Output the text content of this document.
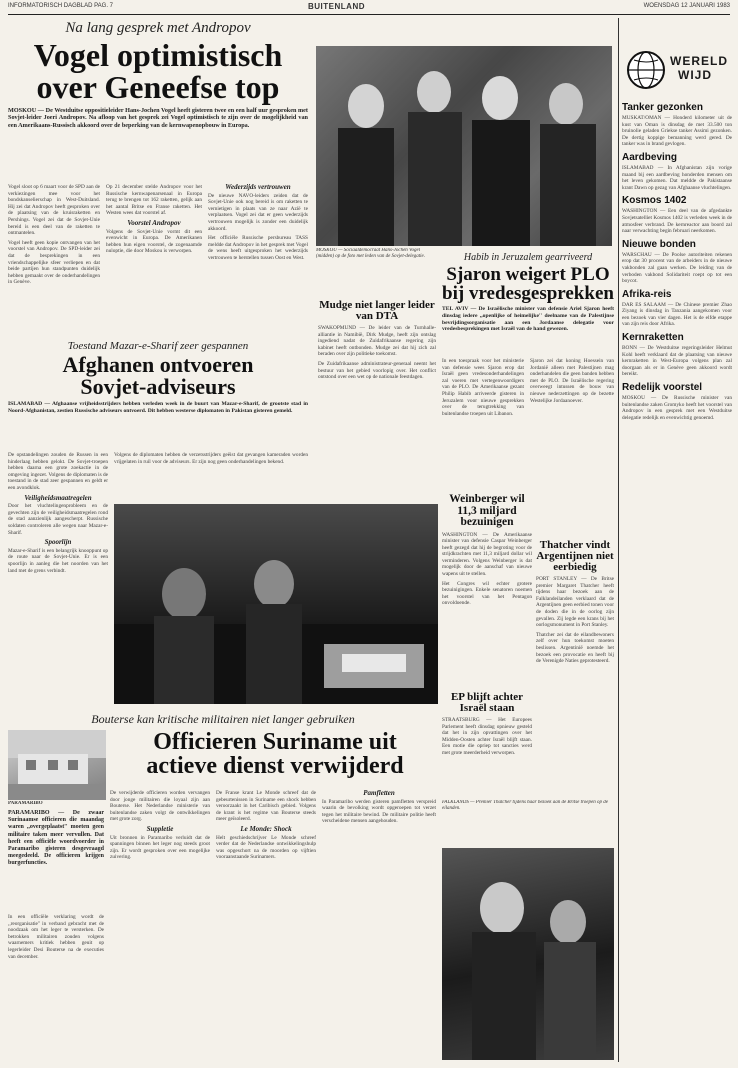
INFORMATORISCH DAGBLAD PAG. 7	BUITENLAND	WOENSDAG 12 JANUARI 1983
Na lang gesprek met Andropov
Vogel optimistisch
over Geneefse top
MOSKOU — De Westduitse oppositieleider Hans-Jochen Vogel heeft gisteren twee en een half uur gesproken met Sovjet-leider Joeri Andropov. Na afloop van het gesprek zei Vogel optimistisch te zijn over de mogelijkheid van een Amerikaans-Russisch akkoord over de beperking van de kernwapenopbouw in Europa.

Vogel sloot op 6 maart voor de SPD aan de verkiezingen mee voor het bondskanselierschap in West-Duitsland. Hij zei dat Andropov heeft gesproken over de plaatsing van de kruisraketten en Pershings. Vogel zei dat de Sovjet-Unie bereid is een deel van de raketten te ontmantelen.

Vogel heeft geen kopie ontvangen van het voorstel van Andropov. De SPD-leider zei dat de besprekingen in een vriendschappelijke sfeer verliepen en dat beide partijen hun standpunten duidelijk hebben gemaakt over de onderhandelingen in Genève.

Op 21 december stelde Andropov voor het Russische kernwapenarsenaal in Europa terug te brengen tot 162 raketten, gelijk aan het aantal Britse en Franse raketten. Het Westen wees dat voorstel af.

Voorstel Andropov

Volgens de Sovjet-Unie vormt dit een evenwicht in Europa. De Amerikanen hebben hun eigen voorstel, de zogenaamde nuloptie, die door Moskou is verworpen.

Wederzijds vertrouwen

De nieuwe NAVO-leiders zeiden dat de Sovjet-Unie ook nog bereid is om raketten te vernietigen in plaats van ze naar Azië te verplaatsen. Vogel zei dat er geen wederzijds vertrouwen mogelijk is zonder een duidelijk akkoord.

Het officiële Russische persbureau TASS meldde dat Andropov in het gesprek met Vogel de wens heeft uitgesproken het wederzijds vertrouwen te herstellen tussen Oost en West.

MOSKOU — Sociaaldemocraat Hans-Jochen Vogel (midden) op de foto met leden van de Sovjet-delegatie.
Mudge niet langer leider van DTA

SWAKOPMUND — De leider van de Turnhalle-alliantie in Namibië, Dirk Mudge, heeft zijn ontslag ingediend nadat de Zuidafrikaanse regering zijn kabinet heeft ontbonden. Mudge zei dat hij zich zal beraden over zijn politieke toekomst.

De Zuidafrikaanse administrateur-generaal neemt het bestuur van het gebied voorlopig over. Het conflict ontstond over een wet op de nationale feestdagen.

Habib in Jeruzalem gearriveerd
Sjaron weigert PLO
bij vredesgesprekken
TEL AVIV — De Israëlische minister van defensie Ariel Sjaron heeft dinsdag iedere ,,openlijke of heimelijke'' deelname van de Palestijnse bevrijdingsorganisatie aan een Jordaanse delegatie voor vredesbesprekingen met Israël van de hand gewezen.
In een toespraak voor het ministerie van defensie wees Sjaron erop dat Israël geen vredesonderhandelingen zal voeren met vertegenwoordigers van de PLO. De Amerikaanse gezant Philip Habib arriveerde gisteren in Jeruzalem voor nieuwe gesprekken over de terugtrekking van buitenlandse troepen uit Libanon.
Sjaron zei dat koning Hoessein van Jordanië alleen met Palestijnen mag onderhandelen die geen banden hebben met de PLO. De Israëlische regering overweegt intussen de bouw van nieuwe nederzettingen op de bezette Westelijke Jordaanoever.
Weinberger wil 11,3 miljard bezuinigen

WASHINGTON — De Amerikaanse minister van defensie Caspar Weinberger heeft gezegd dat hij de begroting voor de strijdkrachten met 11,3 miljard dollar wil verminderen. Volgens Weinberger is dat mogelijk door de aanschaf van nieuwe wapens uit te stellen.

Het Congres wil echter grotere bezuinigingen. Enkele senatoren noemen het voorstel van het Pentagon onvoldoende.

EP blijft achter Israël staan
STRAATSBURG — Het Europees Parlement heeft dinsdag opnieuw gesteld dat het in zijn opvattingen over het Midden-Oosten achter Israël blijft staan. Een motie die opriep tot sancties werd met grote meerderheid verworpen.
Thatcher vindt Argentijnen niet eerbiedig

PORT STANLEY — De Britse premier Margaret Thatcher heeft tijdens haar bezoek aan de Falklandeilanden verklaard dat de Argentijnen geen eerbied tonen voor de doden die in de oorlog zijn gevallen. Zij legde een krans bij het oorlogsmonument in Port Stanley.

Thatcher zei dat de eilandbewoners zelf over hun toekomst moeten beslissen. Argentinië noemde het bezoek een provocatie en heeft bij de Verenigde Naties geprotesteerd.

Toestand Mazar-e-Sharif zeer gespannen
Afghanen ontvoeren
Sovjet-adviseurs
ISLAMABAD — Afghaanse vrijheidsstrijders hebben verleden week in de buurt van Mazar-e-Sharif, de grootste stad in Noord-Afghanistan, zestien Russische adviseurs ontvoerd. Dit hebben westerse diplomaten in Pakistan gisteren gemeld.

De opstandelingen zouden de Russen in een hinderlaag hebben gelokt. De Sovjet-troepen hebben daarna een grote zoekactie in de omgeving ingezet. Volgens de diplomaten is de toestand in de stad zeer gespannen en geldt er een avondklok.

Veiligheidsmaatregelen

Door het vluchtelingenprobleem en de gevechten zijn de veiligheidsmaatregelen rond de stad aanzienlijk aangescherpt. Russische soldaten controleren alle wegen naar Mazar-e-Sharif.

Spoorlijn

Mazar-e-Sharif is een belangrijk knooppunt op de route naar de Sovjet-Unie. Er is een spoorlijn in aanleg die het noorden van het land met de grens verbindt.

Volgens de diplomaten hebben de verzetsstrijders geëist dat gevangen kameraden worden vrijgelaten in ruil voor de adviseurs. Er zijn nog geen onderhandelingen bekend.
Bouterse kan kritische militairen niet langer gebruiken
PARAMARIBO
Officieren Suriname uit
actieve dienst verwijderd
PARAMARIBO — De zwaar Surinaamse officieren die maandag waren ,,overgeplaatst'' moeten geen militaire taken meer vervullen. Dat heeft een officiële woordvoerder in Paramaribo gisteren desgevraagd meegedeeld. De officieren krijgen burgerfuncties.
In een officiële verklaring wordt de ,,reorganisatie'' in verband gebracht met de noodzaak om het leger te versterken. De betrokken militairen zouden volgens waarnemers kritiek hebben geuit op legerleider Desi Bouterse na de executies van december.

De verwijderde officieren worden vervangen door jonge militairen die loyaal zijn aan Bouterse. Het Nederlandse ministerie van buitenlandse zaken volgt de ontwikkelingen met grote zorg.

Suppletie

Uit bronnen in Paramaribo verluidt dat de spanningen binnen het leger nog steeds groot zijn. Er wordt gesproken over een mogelijke zuivering.

De Franse krant Le Monde schreef dat de gebeurtenissen in Suriname een shock hebben veroorzaakt in het Caribisch gebied. Volgens de krant is het regime van Bouterse steeds meer geïsoleerd.

Le Monde: Shock

Helt geschiedschrijver Le Monde schreef verder dat de Nederlandse ontwikkelingshulp was opgeschort na de moorden op vijftien vooraanstaande Surinamers.

Pamfletten

In Paramaribo werden gisteren pamfletten verspreid waarin de bevolking wordt opgeroepen tot verzet tegen het militaire bewind. De militaire politie heeft verscheidene mensen aangehouden.

FALKLANDS — Premier Thatcher tijdens haar bezoek aan de Britse troepen op de eilanden.
WERELD
WIJD
Tanker gezonken
MUSKAT/OMAN — Honderd kilometer uit de kust van Oman is dinsdag de met 33.500 ton bruinolie geladen Griekse tanker Assimi gezonken. De dertig koppige bemanning werd gered. De tanker was in brand gevlogen.
Aardbeving
ISLAMABAD — In Afghanistan zijn vorige maand bij een aardbeving honderden mensen om het leven gekomen. Dat meldde de Pakistaanse krant Dawn op gezag van Afghaanse vluchtelingen.
Kosmos 1402
WASHINGTON — Een deel van de afgedankte Sovjetsatelliet Kosmos 1402 is verleden week in de atmosfeer verbrand. De kernreactor aan boord zal naar verwachting begin februari neerkomen.
Nieuwe bonden
WARSCHAU — De Poolse autoriteiten rekenen erop dat 30 procent van de arbeiders in de nieuwe vakbonden zal gaan werken. De leiding van de verboden vakbond Solidariteit roept op tot een boycot.
Afrika-reis
DAR ES SALAAM — De Chinese premier Zhao Ziyang is dinsdag in Tanzania aangekomen voor een bezoek van vier dagen. Het is de elfde etappe van zijn reis door Afrika.
Kernraketten
BONN — De Westduitse regeringsleider Helmut Kohl heeft verklaard dat de plaatsing van nieuwe kernraketten in West-Europa volgens plan zal doorgaan als er in Genève geen akkoord wordt bereikt.
Redelijk voorstel
MOSKOU — De Russische minister van buitenlandse zaken Gromyko heeft het voorstel van Andropov in een gesprek met een Westduitse delegatie redelijk en evenwichtig genoemd.
